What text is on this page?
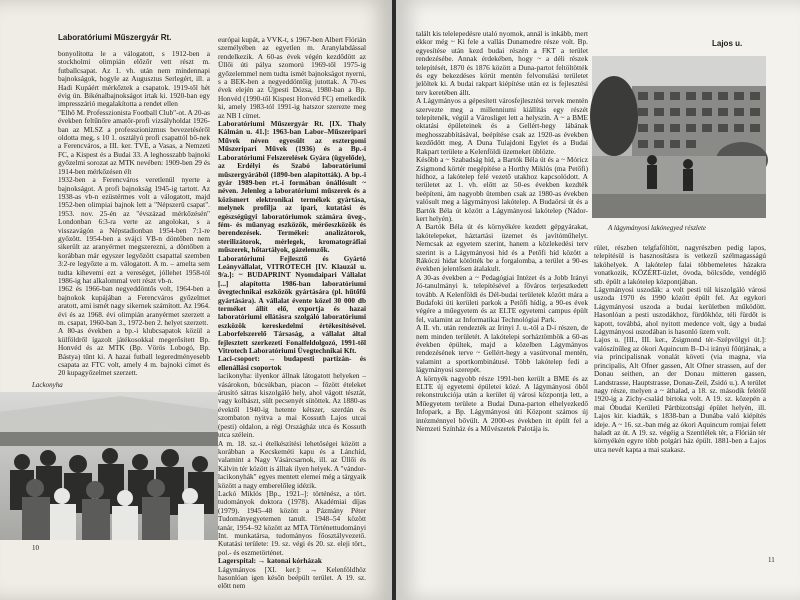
Laboratóriumi Műszergyár Rt.

bonyolította le a válogatott, s 1912-ben a stockholmi olimpián előzőr vett részt m. futballcsapat. Az 1. vh. után nem mindennapi bajnokságok, hogyle az Augusztus Serlegért, ill. a Hadi Kupáért mérkőztek a csapatok. 1919-től hét évig ún. Bikénalbajnokságot írtak ki. 1920-ban egy impresszárió megalakította a rendet ellen

"Elhő M. Professzionista Football Club"-ot. A 20-as években feltűnőre amatőr-profi vizsályholdat 1926-ban az MLSZ a professzionizmus bevezetéséről oldotta meg, s 10 1. osztályú profi csapattól bő-nek a Ferencváros, a III. ker. TVE, a Vasas, a Nemzeti FC, a Kispest és a Budai 33. A leghosszabb bajnoki győzelmi sorozat az MTK nevében: 1909-ben 29 és 1914-ben mérkőzésen élt

1932-ben a Ferencváros veretlenül nyerte a bajnokságot. A profi bajnokság 1945-ig tartott. Az 1938-as vb-n ezüstérmes volt a válogatott, majd 1952-ben olimpiai bajnok lett a "Népszerű csapat". 1953. nov. 25-én az "évszázad mérkőzésén" Londonban 6:3-ra verte az angolokat, s a visszavágón a Népstadionban 1954-ben 7:1-re győzött. 1954-ben a svájci VB-n döntőben nem sikerült az aranyérmet megszerezni, a döntőben a korábban már egyszer legyőzött csapattal szemben 3:2-re legyőzte a m. válogatott. A m. – amelta sem tudta kihevemi ezt a vereséget, jóllehet 1958-tól 1986-ig hat alkalommal vett részt vb-n.

1962 és 1966-ban negyeddöntős volt, 1964-ben a bajnokok kupájában a Ferencváros győzelmet aratott, ami ismét nagy sikernek számított. Az 1964. évi és az 1968. évi olimpián aranyérmet szerzett a m. csapat, 1960-ban 3., 1972-ben 2. helyet szerzett.

A 80-as években a bp.-i klubcsapatok közül a külföldről ígazolt játékosokkal megerősített Bp. Honvéd és az MTK (Bp. Vörös Lobogó, Bp. Bástya) tűnt ki. A hazai futball legeredményesebb csapata az FTC volt, amely 4 m. bajnoki címet és 20 kupagyőzelmet szerzett.

Lackonyha

európai kupát, a VVK-t, s 1967-ben Albert Flórián személyében az egyetlen m. Aranylabdással rendelkezik. A 60-as évek végén kezdődött az Üllői úti pálya szomorú 1969-től 1975-ig győzelemmel nem tudta ismét bajnokságot nyerni, s a BEK-ben a negyeddöntőig jutottak. A 70-es évek elején az Újpesti Dózsa, 1980-ban a Bp. Honvéd (1990-től Kispest Honvéd FC) emelkedik ki, amely 1983-tól 1991-ig hatszor szerezte meg az NB I címet.

Laboratóriumi Műszergyár Rt. [IX. Thaly Kálmán u. 41.]: 1963-ban Labor–Műszeripari Művek néven egyesült az esztergomi Műszeripari Művek (1936) és a Bp.-i Laboratóriumi Felszerelések Gyára (ügyelőde), az Erdélyi és Szabó laboratóriumi műszergyárából (1890-ben alapították). A bp.-i gyár 1989-ben rt.-i formában önállósult ~ néven. Jelenleg a laboratóriumi műszerek és a közismert elektronikai termékek gyártása, melynek profilja az ipari, kutatási és egészségügyi laboratóriumok számára üveg-, fém- és műanyag eszközök, mérőeszközök és berendezések. Termékei: analizátorok, sterilizátorok, mérlegek, kromatográfiai műszerek, hőtartályok, gázelemzők.

Laboratóriumi Fejlesztő és Gyártó Leányvállalat, VITROTECH [IV. Klauzál u. 9/a.]: ~ BUDAPRINT Nyomdaipari Vállalat [...] alapította 1986-ban laboratóriumi üvegtechnikai eszközök gyártására (pl. hűtőfű gyártására). A vállalat évente közel 30 000 db terméket állít elő, exportja és hazai laboratóriumi ellátásra szolgáló laboratóriumi eszközök kereskedelmi értékesítésével. Laborfelszerelő Társaság, a vállalat által fejlesztett szerkezeti Fonalfeldolgozó, 1991-től Vitrotech Laboratóriumi Üvegtechnikai Kft.

Laci-csoport: → budapesti partizán- és ellenállási csoportok

lacikonyha: ilyenkor állnak látogatott helyeken – vásárokon, búcsúkban, piacon – főzött ételeket árusító sátras kiszolgáló hely, ahol vágott tésztát, vagy kolbászt, sült pecsenyét sütöttek. Az 1880-as évektől 1940-ig hetente kétszer, szerdán és szombaton nyitva a mai Kossuth Lajos utcai (pesti) oldalon, a régi Országház utca és Kossuth utca szélein.

A m. 18. sz.-i ételkészítési lehetőségei között a korábban a Kecskeméti kapu és a Lánchíd, valamint a Nagy Vásárcsarnok, ill. az Üllői és Kálvin tér között is álltak ilyen helyek. A "vándor-lacikonyhák" egyes mentett elemei még a tárgyaik között a nagy emberelőleg idézik.

Lackó Miklós [Bp., 1921–]: történész, a tört. tudományok doktora (1978). Akadémiai díjas (1979). 1945–48 között a Pázmány Péter Tudományegyetemen tanult. 1948–54 között tanár, 1954–92 között az MTA Történettudományi Int. munkatársa, tudományos főosztályvezető. Kutatási területe: 19. sz. végi és 20. sz. eleji tört., pol.- és eszmetörténet.

Lagerspital: → katonai kórházak

Lágymányos [XI. ker.]: → Kelenföldhöz hasonlóan igen későn beépült terület. A 19. sz. előtt nem

10

talált kis telelepedésre utaló nyomok, annál is inkább, mert ekkor még ~ Ki fele a vallás Dunamedre része volt. Bp. egyesítése után kezd budai részén a FKT a terület rendezésébe. Annak érdekében, hogy ~ a déli részek telepítését, 1870 és 1876 között a Duna-partot feltöltötték és egy bekezdéses körút mentén felvonulási területet jelöltek ki. A budai rakpart kiépítése után ez is fejlesztési terv keretében állt.

A Lágymányos a gépesített városfejlesztési tervek mentén szervezte meg a millenniumi kiállítás egy részét telepítenék, végül a Városliget lett a helyszín. A ~ a BME oktatási épületeinek és a Gellért-hegy lábának meghosszabbításával, beépítése csak az 1920-as években kezdődött meg. A Duna Tulajdoni Egylet és a Budai Rakpart területe a Kelenföldi üzemeket öblözte.

Később a ~ Szabadság híd, a Bartók Béla út és a ~ Móricz Zsigmond körtér megépítése a Horthy Miklós (ma Petőfi) hídhoz, a lakótelep felé vezető utakhoz kapcsolódott. A területet az 1. vh. előtt az 50-es években kezdték beépíteni, ám nagyobb ütemben csak az 1980-as években valósult meg a lágymányosi lakótelep. A Budaörsi út és a Bartók Béla út között a Lágymányosi lakótelep (Nádor-kert helyén).

A Bartók Béla út és környékére kezdett gépgyárakat, lakótelepeket, háztartási üzemet és javítóműhelyt. Nemcsak az egyetem szerint, hanem a közlekedési terv szerint is a Lágymányosi híd és a Petőfi híd között a Rákóczi hidat kötötték be a forgalomba, a terület a 90-es években jelentősen átalakult.

A 30-as években a ~ Pedagógiai Intézet és a Jobb Irányi Jó-tanulmányi k. telepítésével a főváros terjeszkedett tovább. A Kelenföldi és Dél-budai területek között mára a Budafoki úti kerületi parkok a Petőfi hídig, a 90-es évek végére a műegyetem és az ELTE egyetemi campus épült fel, valamint az Informatikai Technológiai Park.

A II. vh. után rendezték az Irinyi J. u.-tól a D-i részen, de nem minden területét. A lakótelepi sorháztömbök a 60-as években épültek, majd a közelben Lágymányos rendezésének terve ~ Gellért-hegy a vasútvonal mentén, valamint a sportkombinátusé. Több lakótelep fedi a lágymányosi szerepét.

A környék nagyobb része 1991-ben került a BME és az ELTE új egyetemi épületei közé. A lágymányosi öböl rekonstrukciója után a kerület új városi központja lett, a Műegyetem területe a Budai Duna-parton elhelyezkedő Infopark, a Bp. Lágymányosi úti Központ számos új intézménnyel bővült. A 2000-es években itt épült fel a Nemzeti Színház és a Művészetek Palotája is.

Lajos u.
A lágymányosi lakónegyed részlete

rület, részben telgfaföltött, nagyrészben pedig lapos, telepítésül is hasznosításra is vetkezű szélmagasságú lakóhelyek. A lakótelep falai többemeletes házakra vonatkozik, KÖZÉRT-üzlet, óvoda, bölcsőde, vendéglő stb. épült a lakótelep központjában.

Lágymányosi uszodák: a volt pesti túl kiszolgáló városi uszoda 1970 és 1990 között épült fel. Az egykori Lágymányosi uszoda a budai kerületben működött. Hasonlóan a pesti uszodákhoz, fürdőkhöz, téli fürdőt is kapott, továbbá, ahol nyitott medence volt, úgy a budai Lágymányosi uszodában is hasonló üzem volt.

Lajos u. [III., III. ker., Zsigmond tér–Szépvölgyi út.]: valószínűleg az ókori Aquincum B–D-i irányú főútjának, a via principalisnak vonalát követi (via magna, via principalis, Alt Ofner gassen, Alt Ofner strassen, auf der Donau seithen, an der Donau mitteren gassen, Landstrasse, Hauptstrasse, Donau-Zeil, Zsidó u.). A terület nagy része, melyen a ~ áthalad, a 18. sz. második felétől 1920-ig a Zichy-család birtoka volt. A 19. sz. közepén a mai Óbudai Kerületi Pártbizottsági épület helyén, ill. Lajos kir. kiadták, s 1838-ban a Dunába való kiépítés ideje. A ~ 16. sz.-ban még az ókori Aquincum romjai felett haladt az út. A 19. sz. végéig a Szentlélek tér, a Flórián tér környékén egyre több polgári ház épült. 1881-ben a Lajos utca nevét kapta a mai szakasz.

11
